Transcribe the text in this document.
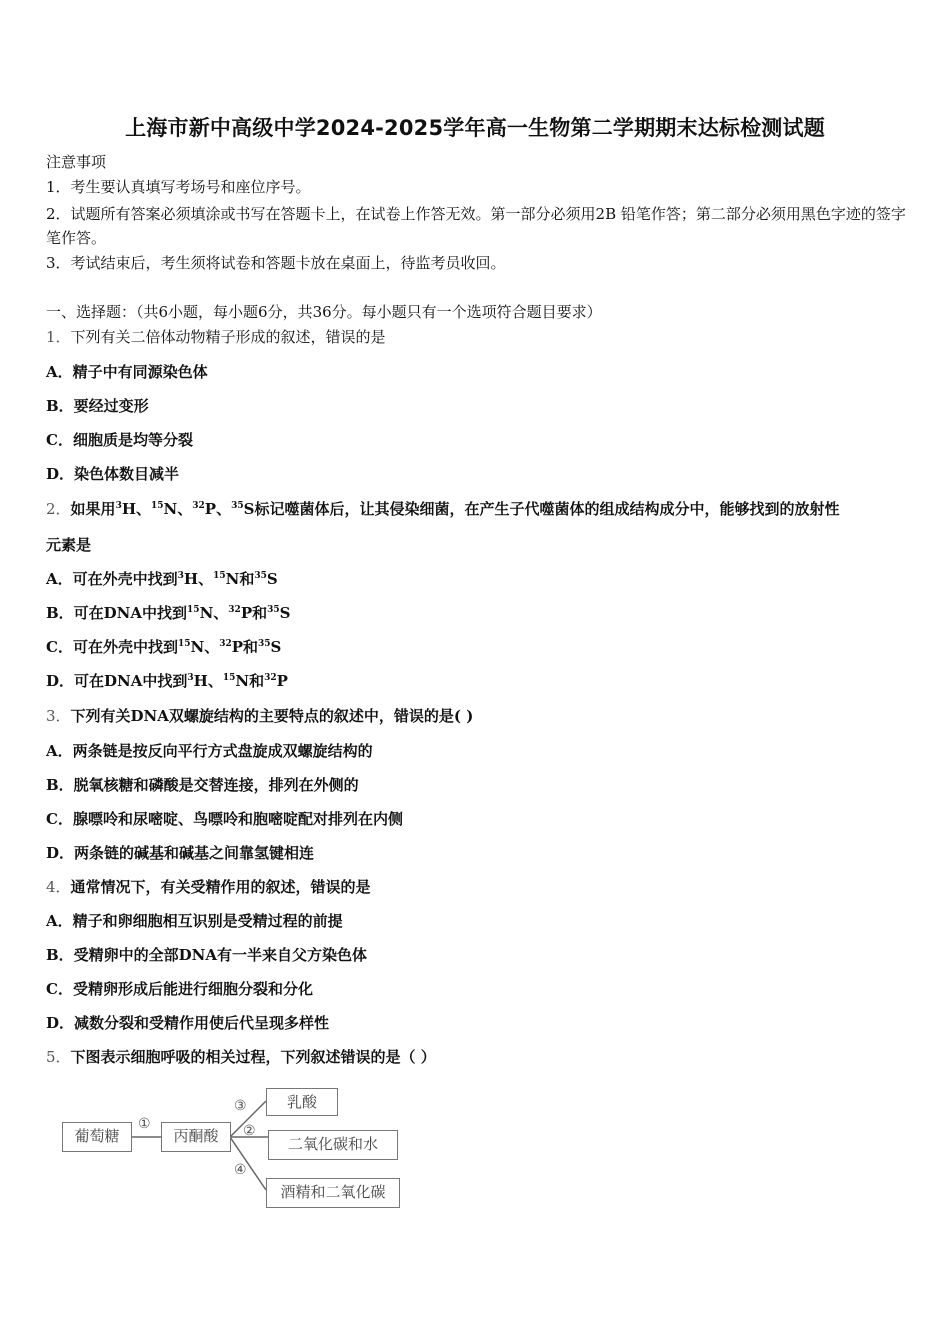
上海市新中高级中学2024-2025学年高一生物第二学期期末达标检测试题
注意事项
1．考生要认真填写考场号和座位序号。
2．试题所有答案必须填涂或书写在答题卡上，在试卷上作答无效。第一部分必须用2B 铅笔作答；第二部分必须用黑色字迹的签字笔作答。
3．考试结束后，考生须将试卷和答题卡放在桌面上，待监考员收回。
一、选择题：（共6小题，每小题6分，共36分。每小题只有一个选项符合题目要求）
1．下列有关二倍体动物精子形成的叙述，错误的是
A．精子中有同源染色体
B．要经过变形
C．细胞质是均等分裂
D．染色体数目减半
2．如果用$^3$H、$^{15}$N、$^{32}$P、$^{35}$S标记噬菌体后，让其侵染细菌，在产生子代噬菌体的组成结构成分中，能够找到的放射性
元素是
A．可在外壳中找到$^3$H、$^{15}$N和$^{35}$S
B．可在DNA中找到$^{15}$N、$^{32}$P和$^{35}$S
C．可在外壳中找到$^{15}$N、$^{32}$P和$^{35}$S
D．可在DNA中找到$^3$H、$^{15}$N和$^{32}$P
3．下列有关DNA双螺旋结构的主要特点的叙述中，错误的是( )
A．两条链是按反向平行方式盘旋成双螺旋结构的
B．脱氧核糖和磷酸是交替连接，排列在外侧的
C．腺嘌呤和尿嘧啶、鸟嘌呤和胞嘧啶配对排列在内侧
D．两条链的碱基和碱基之间靠氢键相连
4．通常情况下，有关受精作用的叙述，错误的是
A．精子和卵细胞相互识别是受精过程的前提
B．受精卵中的全部DNA有一半来自父方染色体
C．受精卵形成后能进行细胞分裂和分化
D．减数分裂和受精作用使后代呈现多样性
5．下图表示细胞呼吸的相关过程，下列叙述错误的是（ ）
葡萄糖	丙酮酸
乳酸
二氧化碳和水
酒精和二氧化碳
①
③
②
④
